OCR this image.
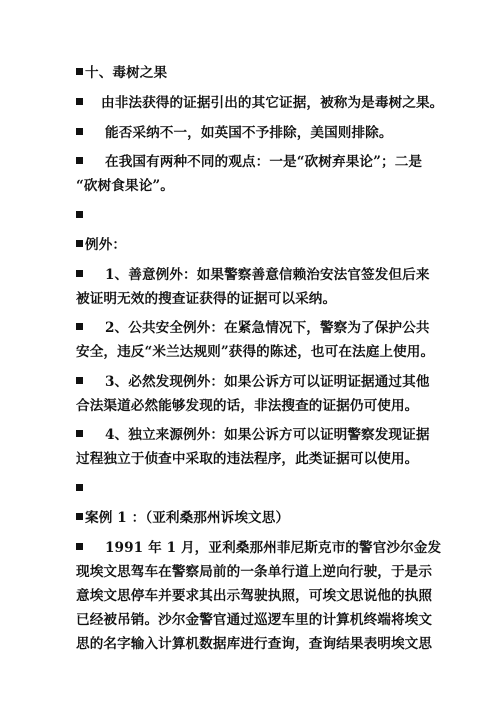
十、毒树之果
由非法获得的证据引出的其它证据，被称为是毒树之果。
能否采纳不一，如英国不予排除，美国则排除。
在我国有两种不同的观点：一是“砍树弃果论”；二是
“砍树食果论”。
例外：
1、善意例外：如果警察善意信赖治安法官签发但后来
被证明无效的搜查证获得的证据可以采纳。
2、公共安全例外：在紧急情况下，警察为了保护公共
安全，违反“米兰达规则”获得的陈述，也可在法庭上使用。
3、必然发现例外：如果公诉方可以证明证据通过其他
合法渠道必然能够发现的话，非法搜查的证据仍可使用。
4、独立来源例外：如果公诉方可以证明警察发现证据
过程独立于侦查中采取的违法程序，此类证据可以使用。
案例 1 ：（亚利桑那州诉埃文思）
1991 年 1 月，亚利桑那州菲尼斯克市的警官沙尔金发
现埃文思驾车在警察局前的一条单行道上逆向行驶，于是示
意埃文思停车并要求其出示驾驶执照，可埃文思说他的执照
已经被吊销。沙尔金警官通过巡逻车里的计算机终端将埃文
思的名字输入计算机数据库进行查询，查询结果表明埃文思
